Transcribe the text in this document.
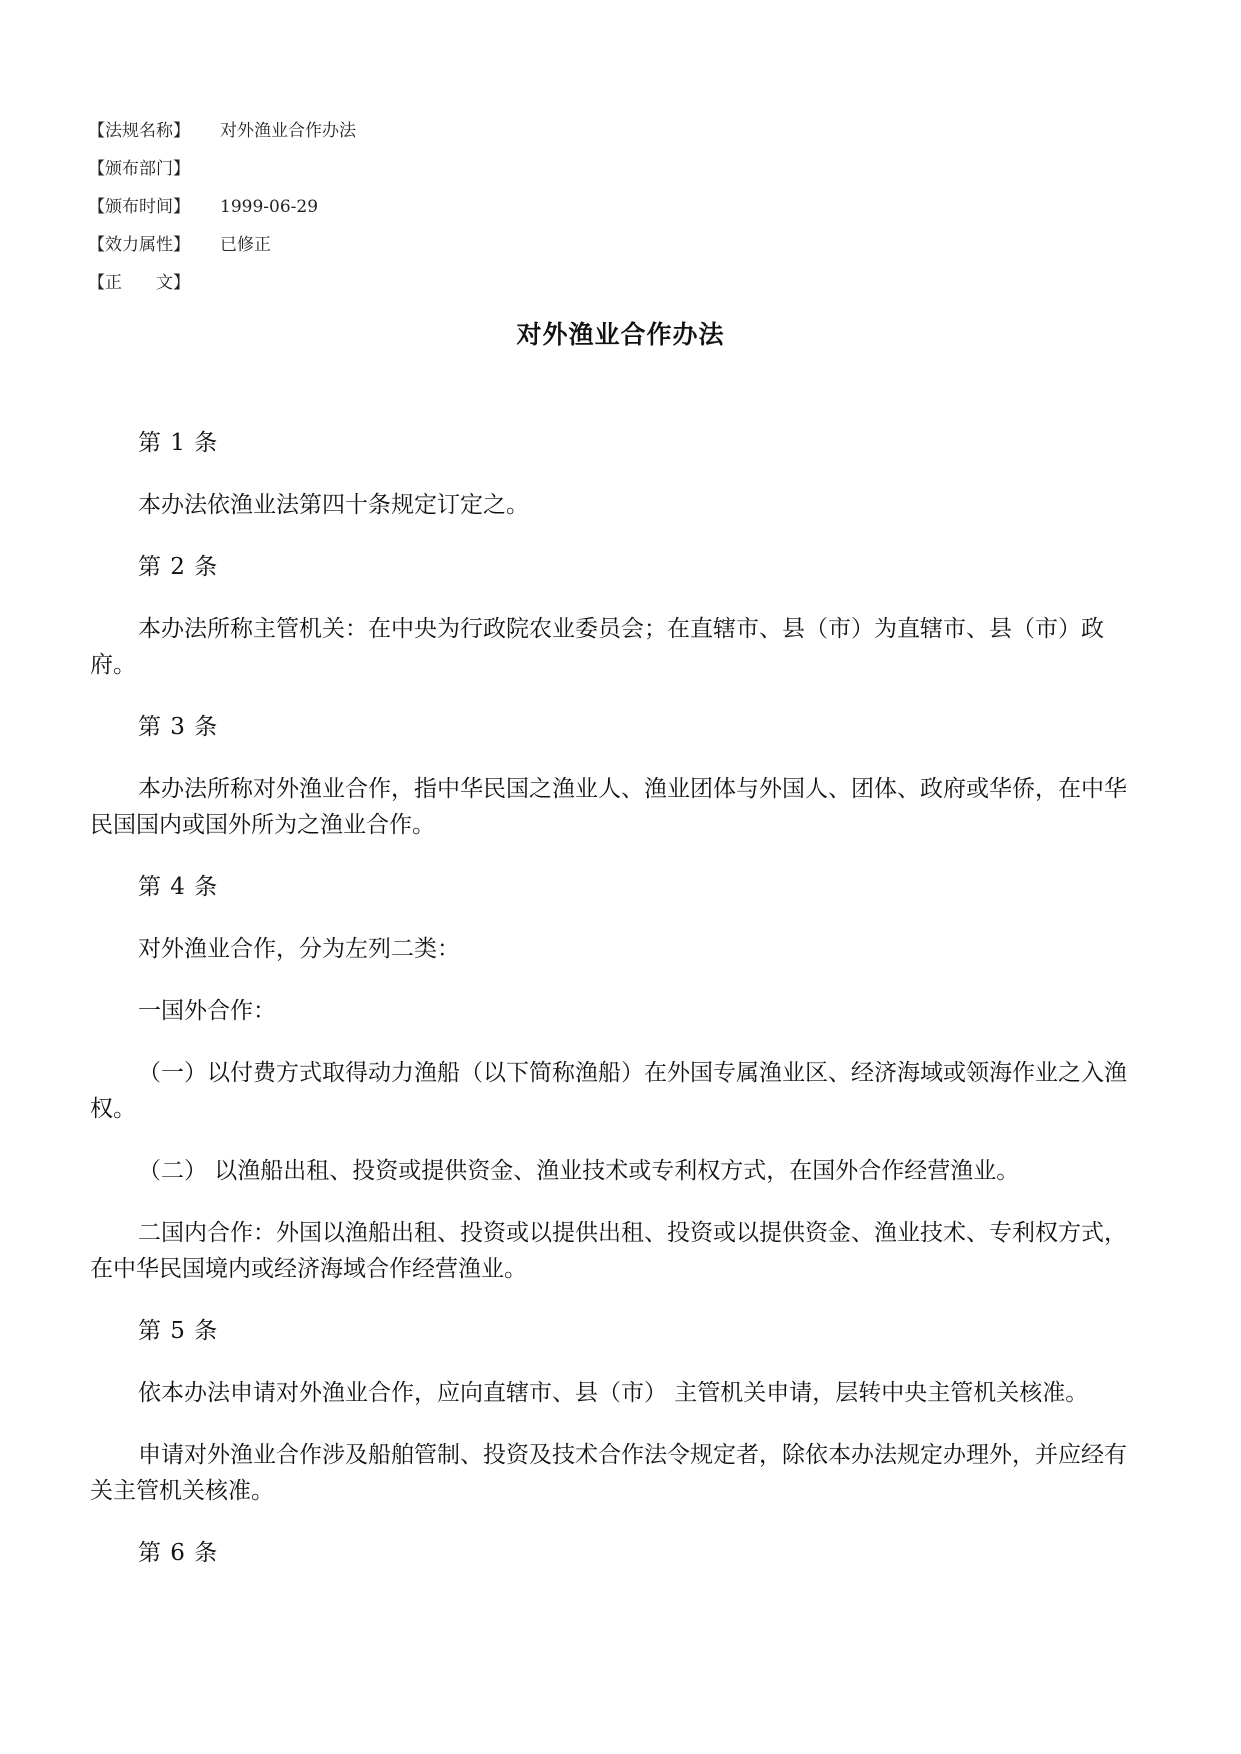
【法规名称】	对外渔业合作办法
【颁布部门】
【颁布时间】	1999-06-29
【效力属性】	已修正
【正　　文】
对外渔业合作办法

第 1 条

本办法依渔业法第四十条规定订定之。

第 2 条

本办法所称主管机关：在中央为行政院农业委员会；在直辖市、县（市）为直辖市、县（市）政府。

第 3 条

本办法所称对外渔业合作，指中华民国之渔业人、渔业团体与外国人、团体、政府或华侨，在中华民国国内或国外所为之渔业合作。

第 4 条

对外渔业合作，分为左列二类：

一国外合作：

（一）以付费方式取得动力渔船（以下简称渔船）在外国专属渔业区、经济海域或领海作业之入渔权。

（二） 以渔船出租、投资或提供资金、渔业技术或专利权方式，在国外合作经营渔业。

二国内合作：外国以渔船出租、投资或以提供出租、投资或以提供资金、渔业技术、专利权方式，在中华民国境内或经济海域合作经营渔业。

第 5 条

依本办法申请对外渔业合作，应向直辖市、县（市） 主管机关申请，层转中央主管机关核准。

申请对外渔业合作涉及船舶管制、投资及技术合作法令规定者，除依本办法规定办理外，并应经有关主管机关核准。

第 6 条
